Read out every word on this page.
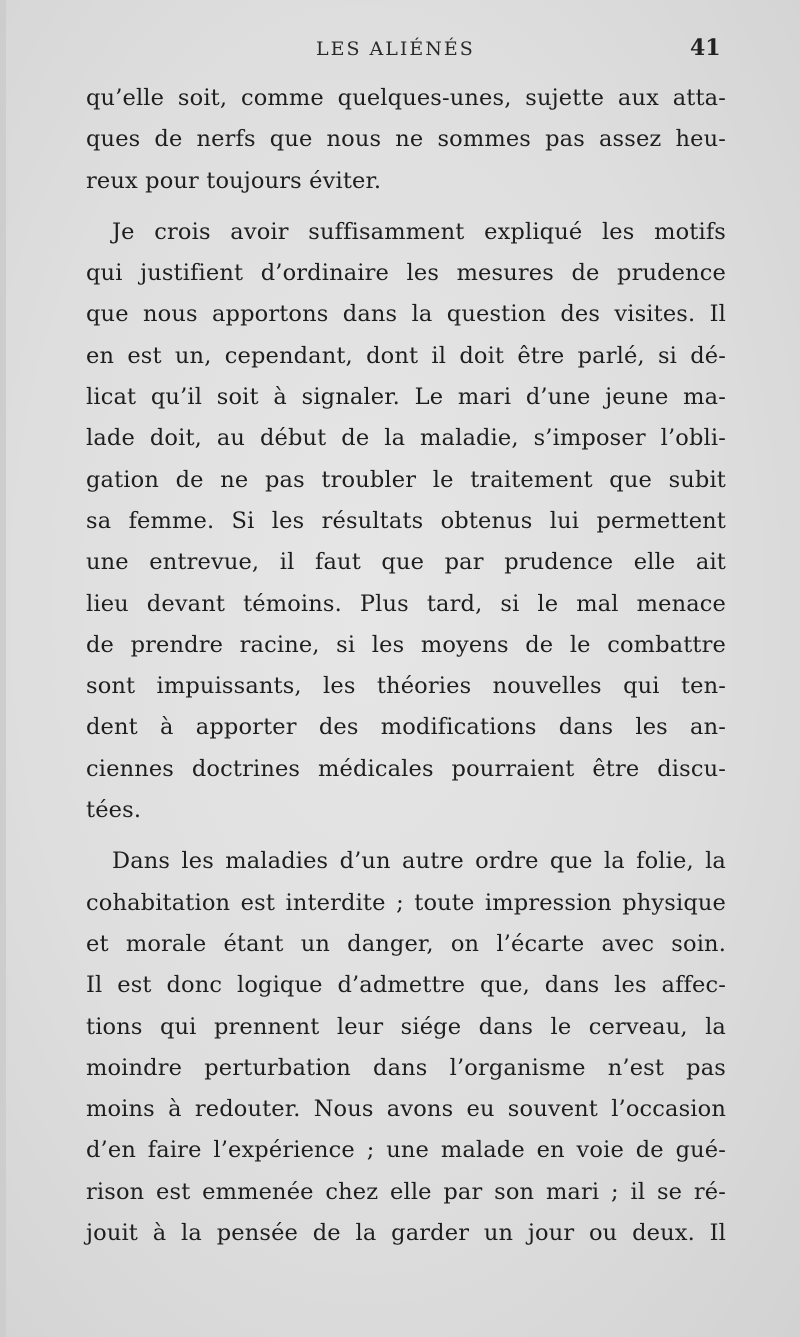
LES ALIÉNÉS	41
qu’elle soit, comme quelques-unes, sujette aux atta-
ques de nerfs que nous ne sommes pas assez heu-
reux pour toujours éviter.
Je crois avoir suffisamment expliqué les motifs
qui justifient d’ordinaire les mesures de prudence
que nous apportons dans la question des visites. Il
en est un, cependant, dont il doit être parlé, si dé-
licat qu’il soit à signaler. Le mari d’une jeune ma-
lade doit, au début de la maladie, s’imposer l’obli-
gation de ne pas troubler le traitement que subit
sa femme. Si les résultats obtenus lui permettent
une entrevue, il faut que par prudence elle ait
lieu devant témoins. Plus tard, si le mal menace
de prendre racine, si les moyens de le combattre
sont impuissants, les théories nouvelles qui ten-
dent à apporter des modifications dans les an-
ciennes doctrines médicales pourraient être discu-
tées.
Dans les maladies d’un autre ordre que la folie, la
cohabitation est interdite ; toute impression physique
et morale étant un danger, on l’écarte avec soin.
Il est donc logique d’admettre que, dans les affec-
tions qui prennent leur siége dans le cerveau, la
moindre perturbation dans l’organisme n’est pas
moins à redouter. Nous avons eu souvent l’occasion
d’en faire l’expérience ; une malade en voie de gué-
rison est emmenée chez elle par son mari ; il se ré-
jouit à la pensée de la garder un jour ou deux. Il
